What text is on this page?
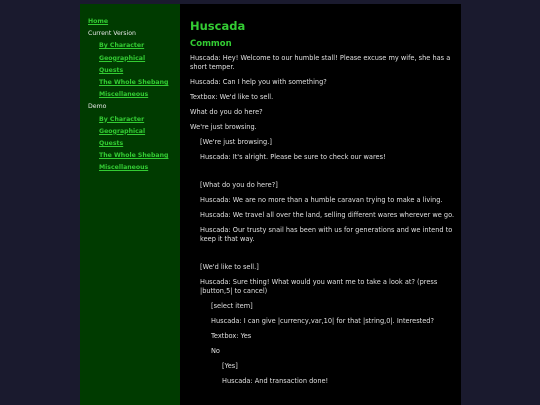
Home
Current Version
By Character
Geographical
Quests
The Whole Shebang
Miscellaneous
Demo
By Character
Geographical
Quests
The Whole Shebang
Miscellaneous
Huscada
Common
Huscada: Hey! Welcome to our humble stall! Please excuse my wife, she has a short temper.
Huscada: Can I help you with something?
Textbox: We'd like to sell.
What do you do here?
We're just browsing.
[We're just browsing.]
Huscada: It's alright. Please be sure to check our wares!
[What do you do here?]
Huscada: We are no more than a humble caravan trying to make a living.
Huscada: We travel all over the land, selling different wares wherever we go.
Huscada: Our trusty snail has been with us for generations and we intend to keep it that way.
[We'd like to sell.]
Huscada: Sure thing! What would you want me to take a look at? (press |button,5| to cancel)
[select item]
Huscada: I can give |currency,var,10| for that |string,0|. Interested?
Textbox: Yes
No
[Yes]
Huscada: And transaction done!
